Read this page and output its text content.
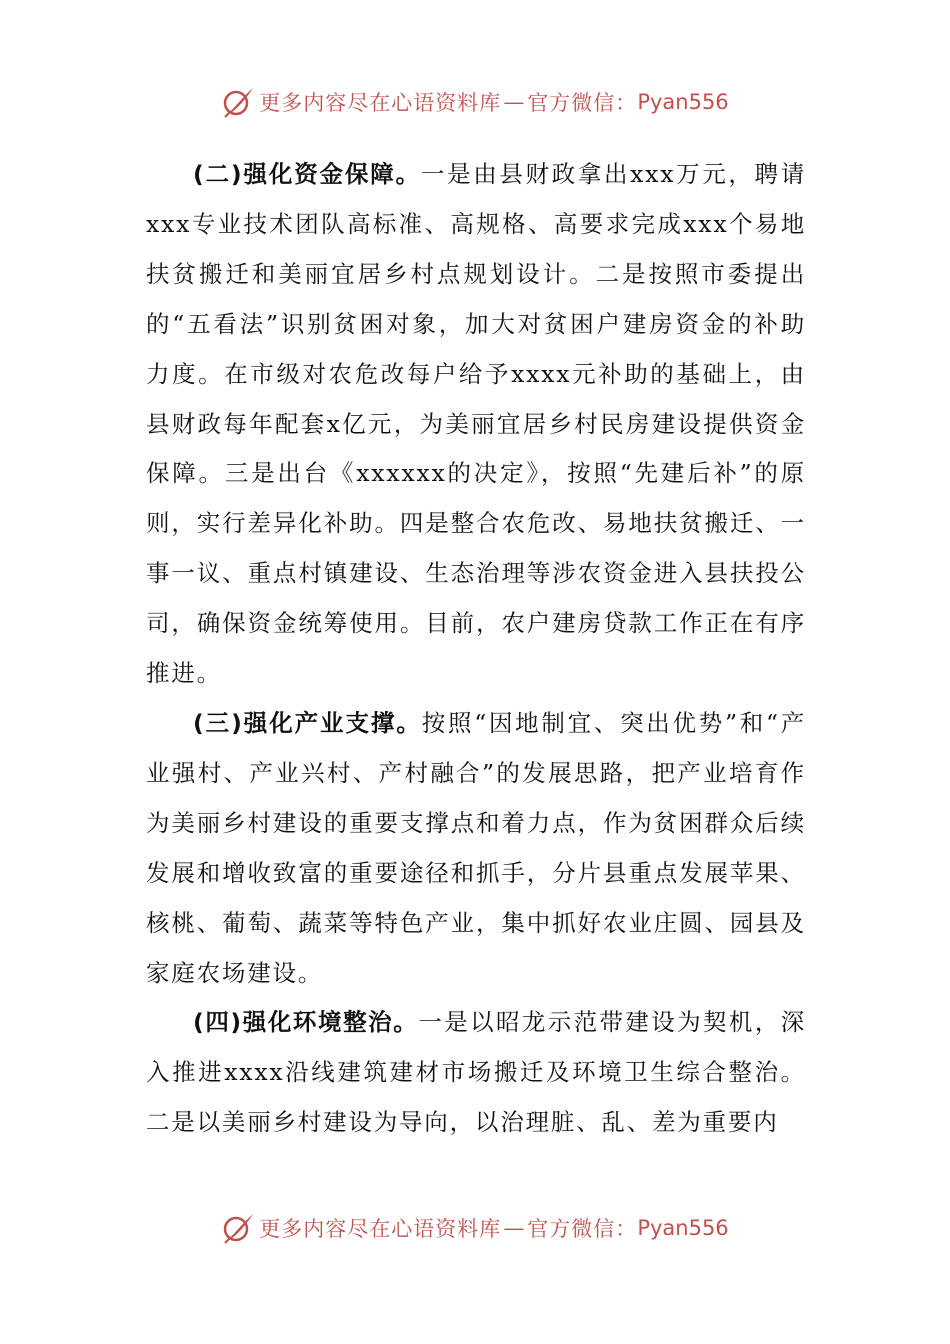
更多内容尽在心语资料库 — 官方微信： Pyan556

(二)强化资金保障。一是由县财政拿出xxx万元，聘请xxx专业技术团队高标准、高规格、高要求完成xxx个易地扶贫搬迁和美丽宜居乡村点规划设计。二是按照市委提出的“五看法”识别贫困对象，加大对贫困户建房资金的补助力度。在市级对农危改每户给予xxxx元补助的基础上，由县财政每年配套x亿元，为美丽宜居乡村民房建设提供资金保障。三是出台《xxxxxx的决定》，按照“先建后补”的原则，实行差异化补助。四是整合农危改、易地扶贫搬迁、一事一议、重点村镇建设、生态治理等涉农资金进入县扶投公司，确保资金统筹使用。目前，农户建房贷款工作正在有序推进。

(三)强化产业支撑。按照“因地制宜、突出优势”和“产业强村、产业兴村、产村融合”的发展思路，把产业培育作为美丽乡村建设的重要支撑点和着力点，作为贫困群众后续发展和增收致富的重要途径和抓手，分片县重点发展苹果、核桃、葡萄、蔬菜等特色产业，集中抓好农业庄圆、园县及家庭农场建设。

(四)强化环境整治。一是以昭龙示范带建设为契机，深入推进xxxx沿线建筑建材市场搬迁及环境卫生综合整治。二是以美丽乡村建设为导向，以治理脏、乱、差为重要内

更多内容尽在心语资料库 — 官方微信： Pyan556
